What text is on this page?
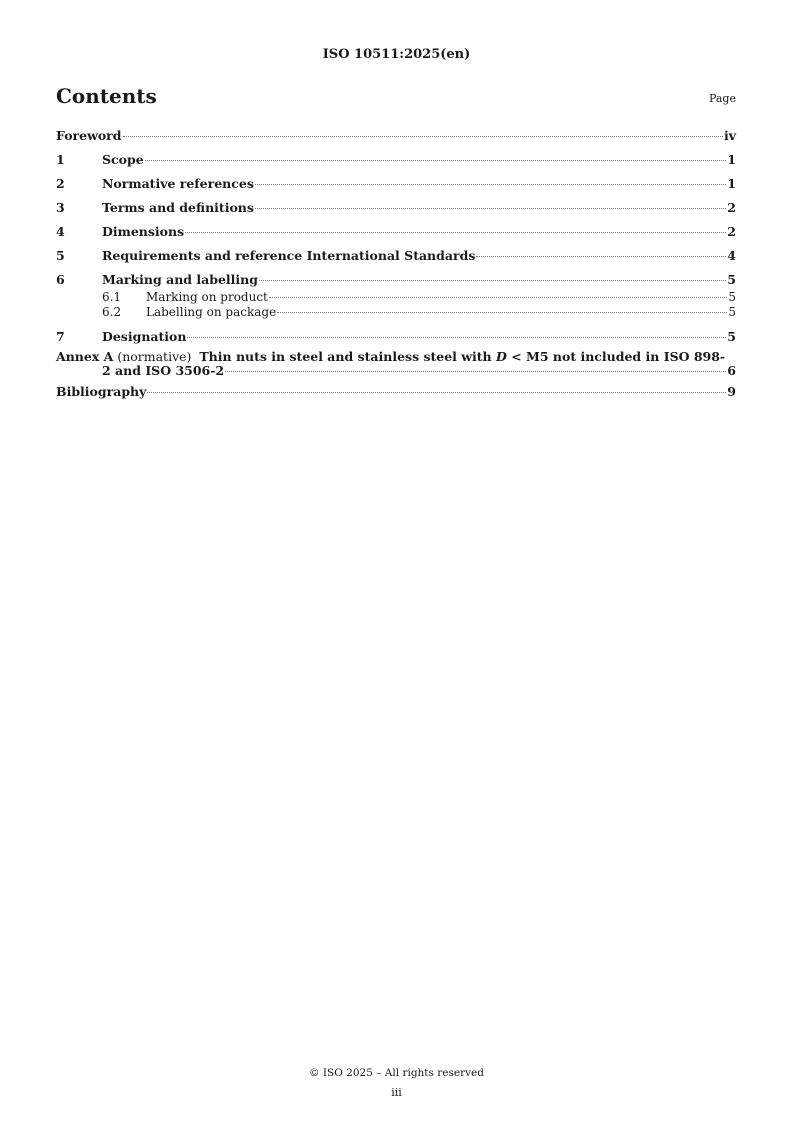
ISO 10511:2025(en)
Contents	Page
Foreword	iv
1	Scope	1
2	Normative references	1
3	Terms and definitions	2
4	Dimensions	2
5	Requirements and reference International Standards	4
6	Marking and labelling	5
6.1	Marking on product	5
6.2	Labelling on package	5
7	Designation	5
Annex A (normative) Thin nuts in steel and stainless steel with D < M5 not included in ISO 898-
2 and ISO 3506-2	6
Bibliography	9
© ISO 2025 – All rights reserved
iii
